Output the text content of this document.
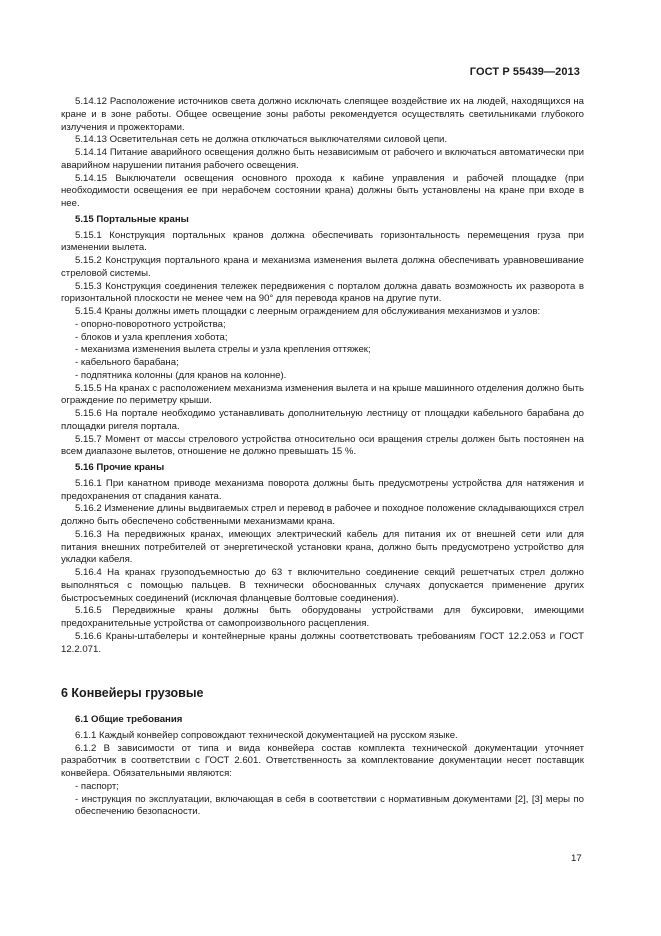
ГОСТ Р 55439—2013

5.14.12 Расположение источников света должно исключать слепящее воздействие их на людей, находящихся на кране и в зоне работы. Общее освещение зоны работы рекомендуется осуществлять светильниками глубокого излучения и прожекторами.

5.14.13 Осветительная сеть не должна отключаться выключателями силовой цепи.

5.14.14 Питание аварийного освещения должно быть независимым от рабочего и включаться автоматически при аварийном нарушении питания рабочего освещения.

5.14.15 Выключатели освещения основного прохода к кабине управления и рабочей площадке (при необходимости освещения ее при нерабочем состоянии крана) должны быть установлены на кране при входе в нее.

5.15 Портальные краны

5.15.1 Конструкция портальных кранов должна обеспечивать горизонтальность перемещения груза при изменении вылета.

5.15.2 Конструкция портального крана и механизма изменения вылета должна обеспечивать уравновешивание стреловой системы.

5.15.3 Конструкция соединения тележек передвижения с порталом должна давать возможность их разворота в горизонтальной плоскости не менее чем на 90° для перевода кранов на другие пути.

5.15.4 Краны должны иметь площадки с леерным ограждением для обслуживания механизмов и узлов:

- опорно-поворотного устройства;

- блоков и узла крепления хобота;

- механизма изменения вылета стрелы и узла крепления оттяжек;

- кабельного барабана;

- подпятника колонны (для кранов на колонне).

5.15.5 На кранах с расположением механизма изменения вылета и на крыше машинного отделения должно быть ограждение по периметру крыши.

5.15.6 На портале необходимо устанавливать дополнительную лестницу от площадки кабельного барабана до площадки ригеля портала.

5.15.7 Момент от массы стрелового устройства относительно оси вращения стрелы должен быть постоянен на всем диапазоне вылетов, отношение не должно превышать 15 %.

5.16 Прочие краны

5.16.1 При канатном приводе механизма поворота должны быть предусмотрены устройства для натяжения и предохранения от спадания каната.

5.16.2 Изменение длины выдвигаемых стрел и перевод в рабочее и походное положение складывающихся стрел должно быть обеспечено собственными механизмами крана.

5.16.3 На передвижных кранах, имеющих электрический кабель для питания их от внешней сети или для питания внешних потребителей от энергетической установки крана, должно быть предусмотрено устройство для укладки кабеля.

5.16.4 На кранах грузоподъемностью до 63 т включительно соединение секций решетчатых стрел должно выполняться с помощью пальцев. В технически обоснованных случаях допускается применение других быстросъемных соединений (исключая фланцевые болтовые соединения).

5.16.5 Передвижные краны должны быть оборудованы устройствами для буксировки, имеющими предохранительные устройства от самопроизвольного расцепления.

5.16.6 Краны-штабелеры и контейнерные краны должны соответствовать требованиям ГОСТ 12.2.053 и ГОСТ 12.2.071.

6 Конвейеры грузовые

6.1 Общие требования

6.1.1 Каждый конвейер сопровождают технической документацией на русском языке.

6.1.2 В зависимости от типа и вида конвейера состав комплекта технической документации уточняет разработчик в соответствии с ГОСТ 2.601. Ответственность за комплектование документации несет поставщик конвейера. Обязательными являются:

- паспорт;

- инструкция по эксплуатации, включающая в себя в соответствии с нормативным документами [2], [3] меры по обеспечению безопасности.

17
